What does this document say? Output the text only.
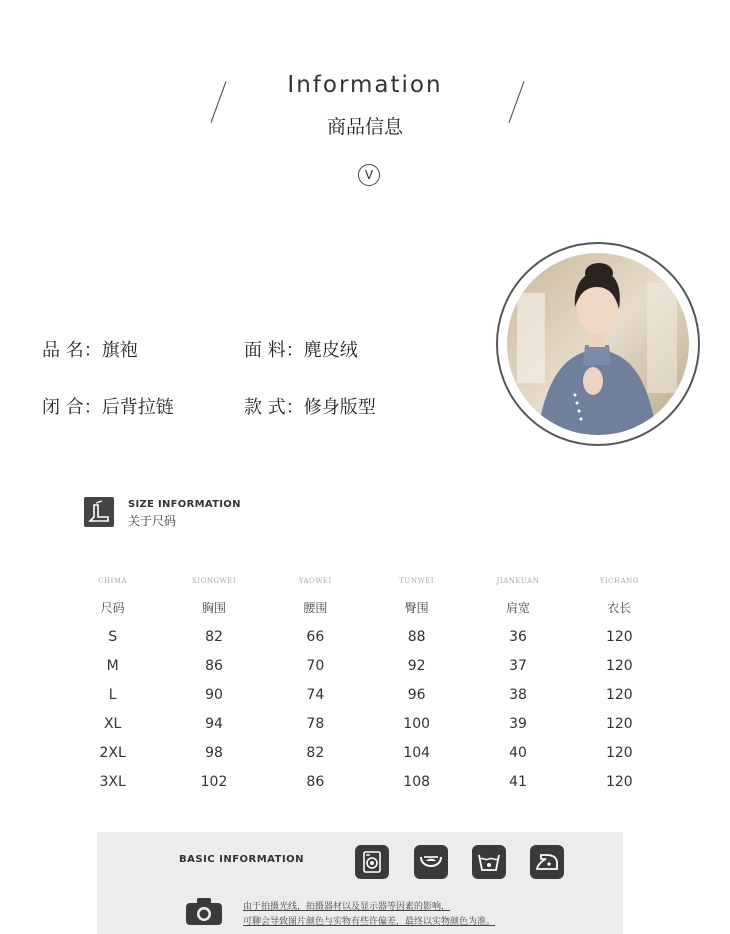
Information
商品信息
V
品 名：旗袍	面 料：麂皮绒
闭 合：后背拉链	款 式：修身版型
SIZE INFORMATION
关于尺码
CHIMA	XIONGWEI	YAOWEI	TUNWEI	JIANKUAN	YICHANG
尺码	胸围	腰围	臀围	肩宽	衣长
S	82	66	88	36	120
M	86	70	92	37	120
L	90	74	96	38	120
XL	94	78	100	39	120
2XL	98	82	104	40	120
3XL	102	86	108	41	120
BASIC INFORMATION
由于拍摄光线，拍摄器材以及显示器等因素的影响，
可聊会导致图片颜色与实物有些许偏差，最终以实物颜色为准。
